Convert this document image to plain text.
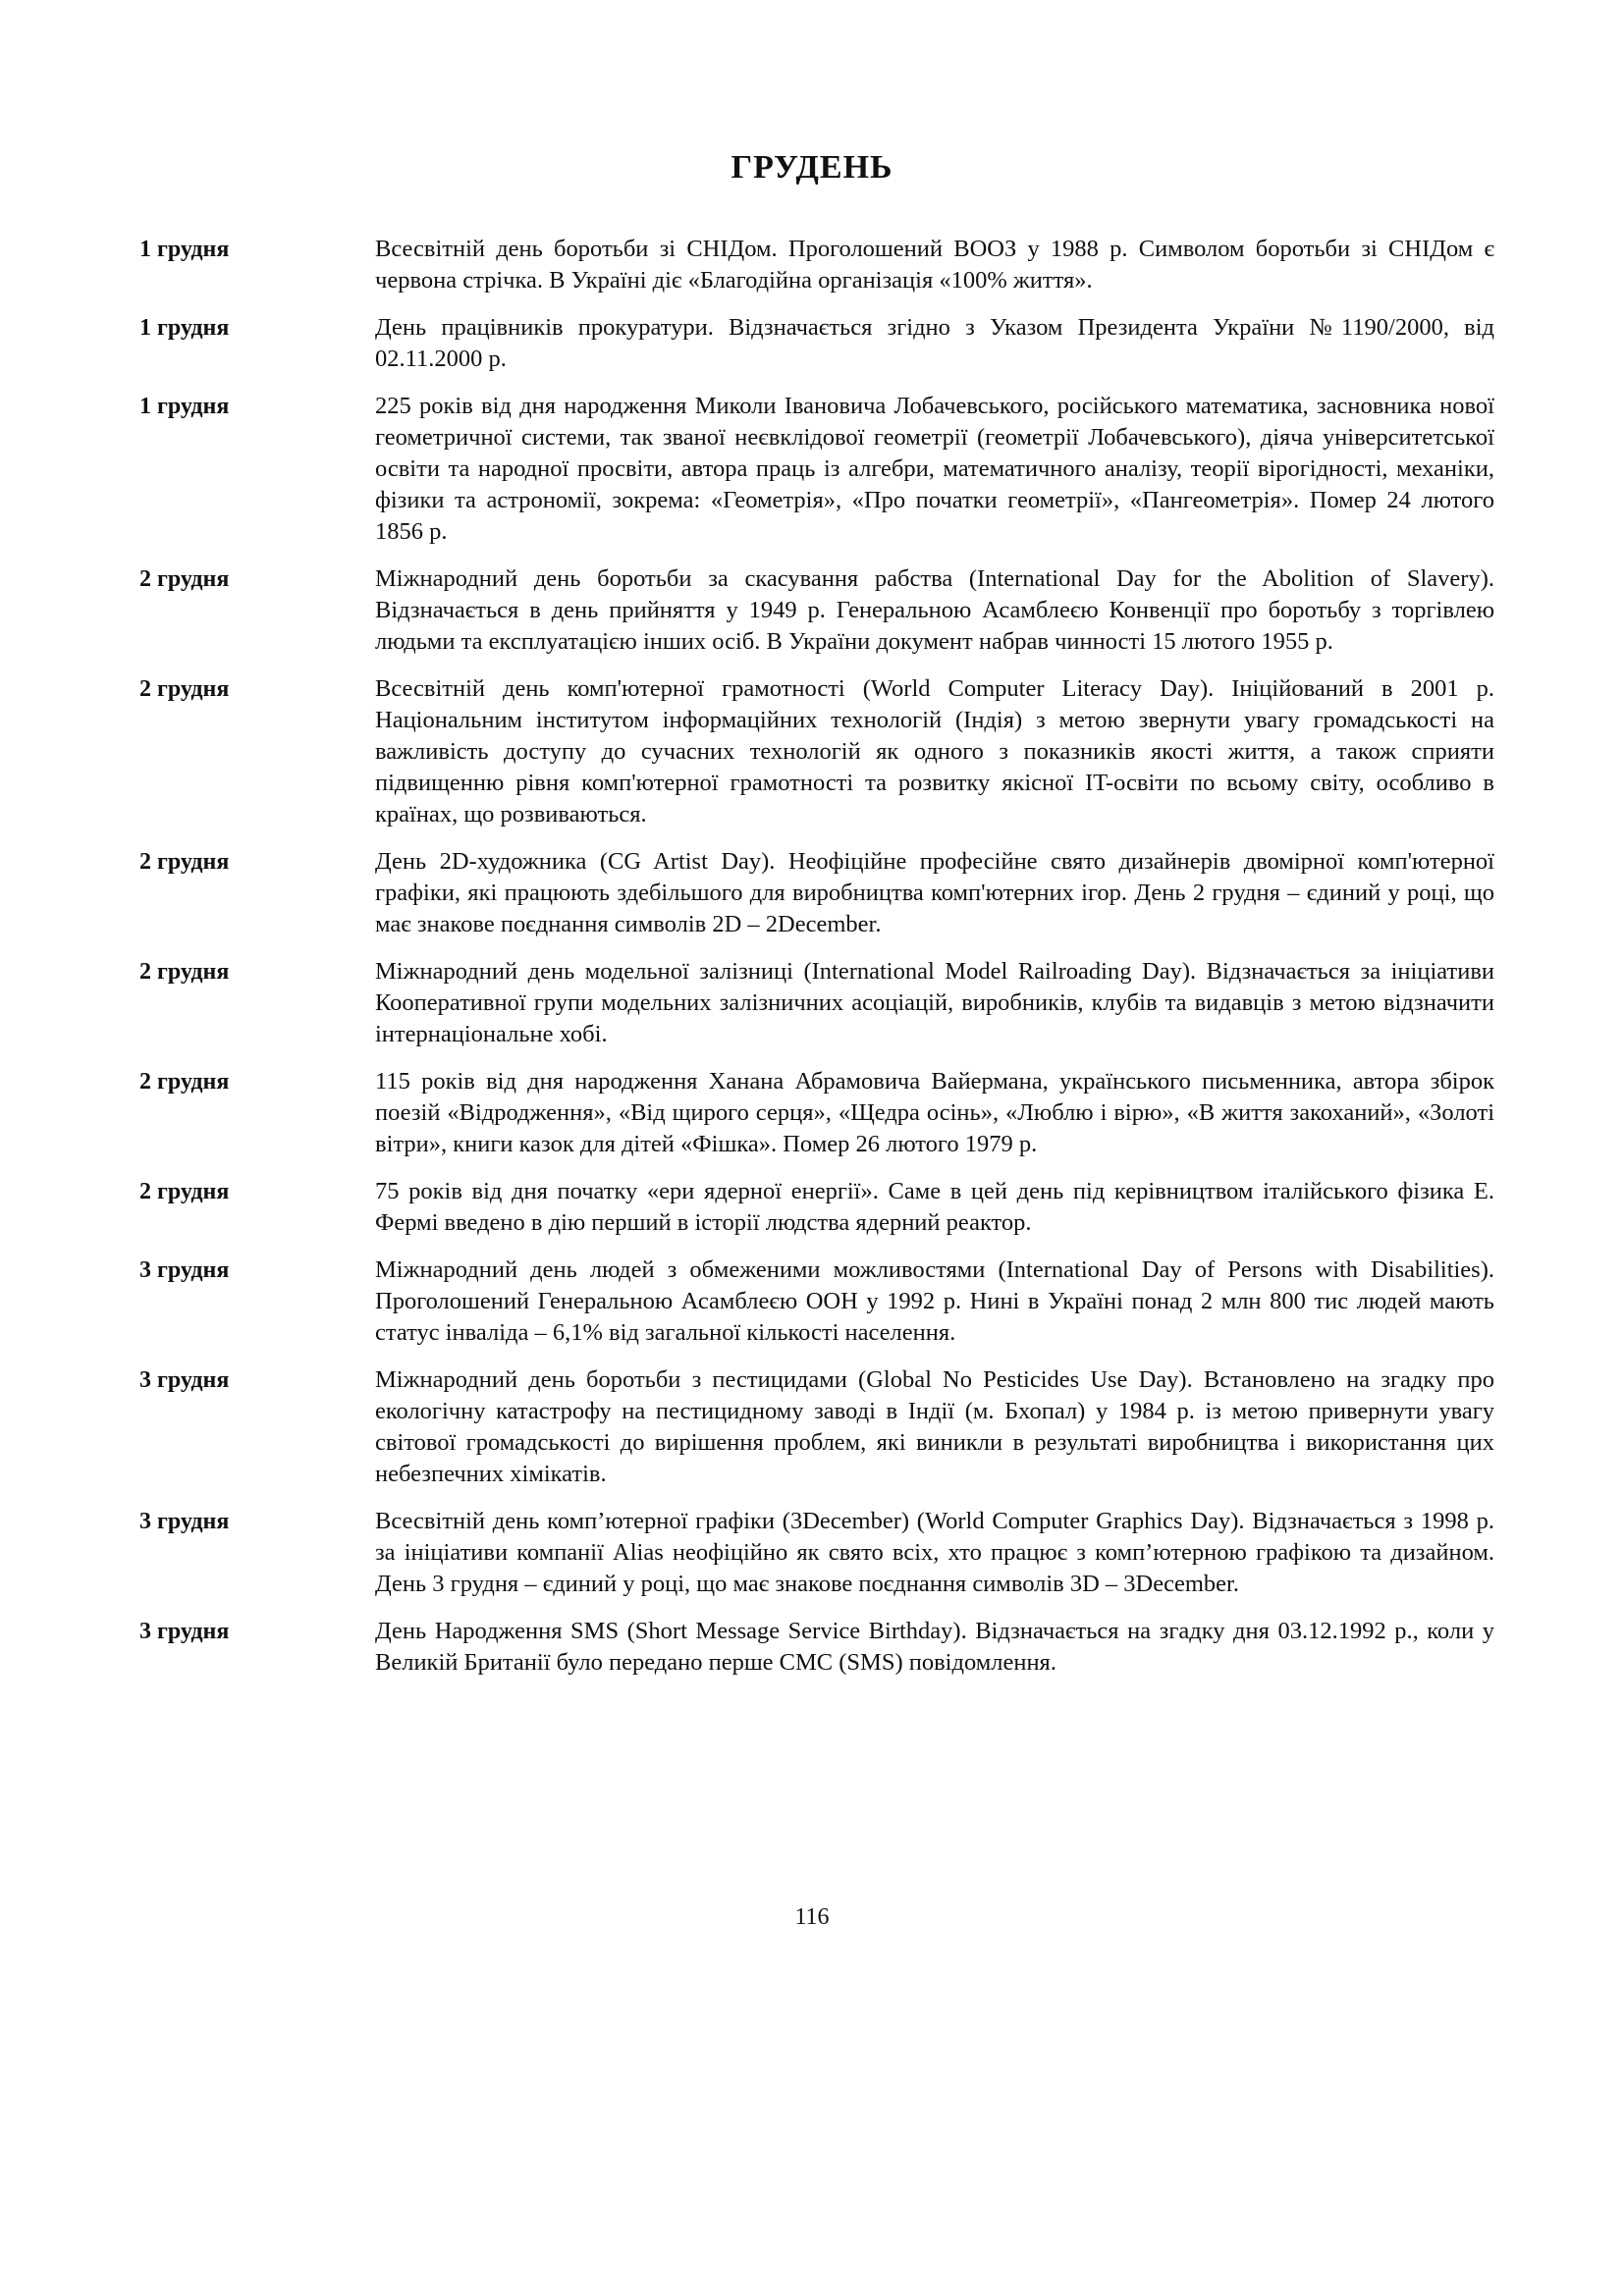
ГРУДЕНЬ
1 грудня	Всесвітній день боротьби зі СНІДом. Проголошений ВООЗ у 1988 р. Символом боротьби зі СНІДом є червона стрічка. В Україні діє «Благодійна організація «100% життя».
1 грудня	День працівників прокуратури. Відзначається згідно з Указом Президента України №1190/2000, від 02.11.2000 р.
1 грудня	225 років від дня народження Миколи Івановича Лобачевського, російського математика, засновника нової геометричної системи, так званої неєвклідової геометрії (геометрії Лобачевського), діяча університетської освіти та народної просвіти, автора праць із алгебри, математичного аналізу, теорії вірогідності, механіки, фізики та астрономії, зокрема: «Геометрія», «Про початки геометрії», «Пангеометрія». Помер 24 лютого 1856 р.
2 грудня	Міжнародний день боротьби за скасування рабства (International Day for the Abolition of Slavery). Відзначається в день прийняття у 1949 р. Генеральною Асамблеєю Конвенції про боротьбу з торгівлею людьми та експлуатацією інших осіб. В України документ набрав чинності 15 лютого 1955 р.
2 грудня	Всесвітній день комп'ютерної грамотності (World Computer Literacy Day). Ініційований в 2001 р. Національним інститутом інформаційних технологій (Індія) з метою звернути увагу громадськості на важливість доступу до сучасних технологій як одного з показників якості життя, а також сприяти підвищенню рівня комп'ютерної грамотності та розвитку якісної IT-освіти по всьому світу, особливо в країнах, що розвиваються.
2 грудня	День 2D-художника (CG Artist Day). Неофіційне професійне свято дизайнерів двомірної комп'ютерної графіки, які працюють здебільшого для виробництва комп'ютерних ігор. День 2 грудня – єдиний у році, що має знакове поєднання символів 2D – 2December.
2 грудня	Міжнародний день модельної залізниці (International Model Railroading Day). Відзначається за ініціативи Кооперативної групи модельних залізничних асоціацій, виробників, клубів та видавців з метою відзначити інтернаціональне хобі.
2 грудня	115 років від дня народження Ханана Абрамовича Вайермана, українського письменника, автора збірок поезій «Відродження», «Від щирого серця», «Щедра осінь», «Люблю і вірю», «В життя закоханий», «Золоті вітри», книги казок для дітей «Фішка». Помер 26 лютого 1979 р.
2 грудня	75 років від дня початку «ери ядерної енергії». Саме в цей день під керівництвом італійського фізика Е. Фермі введено в дію перший в історії людства ядерний реактор.
3 грудня	Міжнародний день людей з обмеженими можливостями (International Day of Persons with Disabilities). Проголошений Генеральною Асамблеєю ООН у 1992 р. Нині в Україні понад 2 млн 800 тис людей мають статус інваліда – 6,1% від загальної кількості населення.
3 грудня	Міжнародний день боротьби з пестицидами (Global No Pesticides Use Day). Встановлено на згадку про екологічну катастрофу на пестицидному заводі в Індії (м. Бхопал) у 1984 р. із метою привернути увагу світової громадськості до вирішення проблем, які виникли в результаті виробництва і використання цих небезпечних хімікатів.
3 грудня	Всесвітній день комп’ютерної графіки (3December) (World Computer Graphics Day). Відзначається з 1998 р. за ініціативи компанії Alias неофіційно як свято всіх, хто працює з комп’ютерною графікою та дизайном. День 3 грудня – єдиний у році, що має знакове поєднання символів 3D – 3December.
3 грудня	День Народження SMS (Short Message Service Birthday). Відзначається на згадку дня 03.12.1992 р., коли у Великій Британії було передано перше СМС (SMS) повідомлення.
116
